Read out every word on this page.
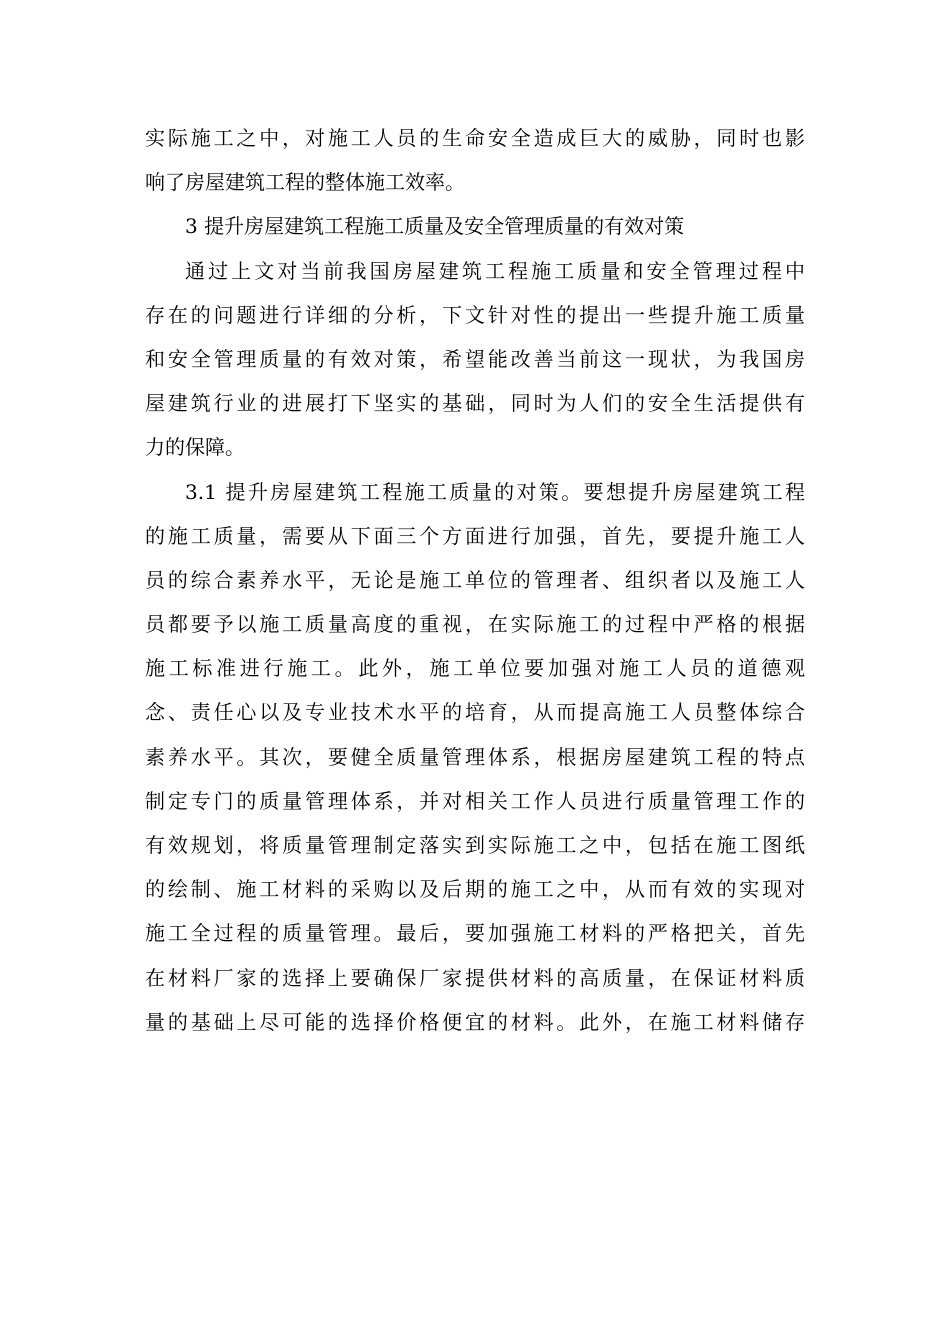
实际施工之中，对施工人员的生命安全造成巨大的威胁，同时也影
响了房屋建筑工程的整体施工效率。
3 提升房屋建筑工程施工质量及安全管理质量的有效对策
通过上文对当前我国房屋建筑工程施工质量和安全管理过程中
存在的问题进行详细的分析，下文针对性的提出一些提升施工质量
和安全管理质量的有效对策，希望能改善当前这一现状，为我国房
屋建筑行业的进展打下坚实的基础，同时为人们的安全生活提供有
力的保障。
3.1 提升房屋建筑工程施工质量的对策。要想提升房屋建筑工程
的施工质量，需要从下面三个方面进行加强，首先，要提升施工人
员的综合素养水平，无论是施工单位的管理者、组织者以及施工人
员都要予以施工质量高度的重视，在实际施工的过程中严格的根据
施工标准进行施工。此外，施工单位要加强对施工人员的道德观
念、责任心以及专业技术水平的培育，从而提高施工人员整体综合
素养水平。其次，要健全质量管理体系，根据房屋建筑工程的特点
制定专门的质量管理体系，并对相关工作人员进行质量管理工作的
有效规划，将质量管理制定落实到实际施工之中，包括在施工图纸
的绘制、施工材料的采购以及后期的施工之中，从而有效的实现对
施工全过程的质量管理。最后，要加强施工材料的严格把关，首先
在材料厂家的选择上要确保厂家提供材料的高质量，在保证材料质
量的基础上尽可能的选择价格便宜的材料。此外，在施工材料储存
